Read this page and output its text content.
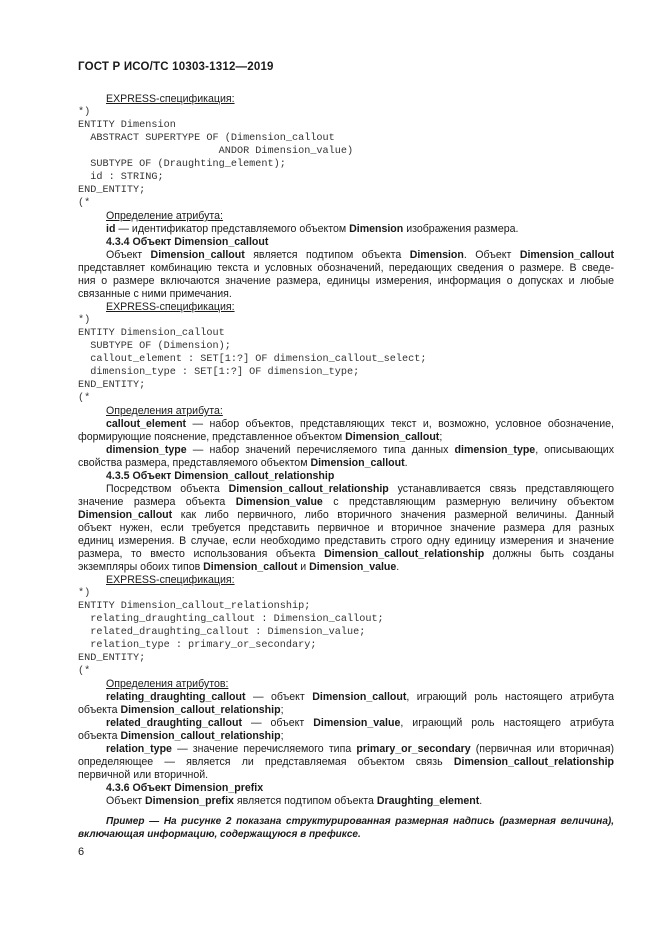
ГОСТ Р ИСО/ТС 10303-1312—2019
EXPRESS-спецификация:
*)
ENTITY Dimension
ABSTRACT SUPERTYPE OF (Dimension_callout
ANDOR Dimension_value)
SUBTYPE OF (Draughting_element);
id : STRING;
END_ENTITY;
(*
Определение атрибута:
id — идентификатор представляемого объектом Dimension изображения размера.
4.3.4 Объект Dimension_callout
Объект Dimension_callout является подтипом объекта Dimension. Объект Dimension_callout
представляет комбинацию текста и условных обозначений, передающих сведения о размере. В сведе-
ния о размере включаются значение размера, единицы измерения, информация о допусках и любые
связанные с ними примечания.
EXPRESS-спецификация:
*)
ENTITY Dimension_callout
SUBTYPE OF (Dimension);
callout_element : SET[1:?] OF dimension_callout_select;
dimension_type : SET[1:?] OF dimension_type;
END_ENTITY;
(*
Определения атрибута:
callout_element — набор объектов, представляющих текст и, возможно, условное обозначение,
формирующие пояснение, представленное объектом Dimension_callout;
dimension_type — набор значений перечисляемого типа данных dimension_type, описывающих
свойства размера, представляемого объектом Dimension_callout.
4.3.5 Объект Dimension_callout_relationship
Посредством объекта Dimension_callout_relationship устанавливается связь представляющего
значение размера объекта Dimension_value с представляющим размерную величину объектом
Dimension_callout как либо первичного, либо вторичного значения размерной величины. Данный
объект нужен, если требуется представить первичное и вторичное значение размера для разных
единиц измерения. В случае, если необходимо представить строго одну единицу измерения и значение
размера, то вместо использования объекта Dimension_callout_relationship должны быть созданы
экземпляры обоих типов Dimension_callout и Dimension_value.
EXPRESS-спецификация:
*)
ENTITY Dimension_callout_relationship;
relating_draughting_callout : Dimension_callout;
related_draughting_callout : Dimension_value;
relation_type : primary_or_secondary;
END_ENTITY;
(*
Определения атрибутов:
relating_draughting_callout — объект Dimension_callout, играющий роль настоящего атрибута
объекта Dimension_callout_relationship;
related_draughting_callout — объект Dimension_value, играющий роль настоящего атрибута
объекта Dimension_callout_relationship;
relation_type — значение перечисляемого типа primary_or_secondary (первичная или вторичная)
определяющее — является ли представляемая объектом связь Dimension_callout_relationship
первичной или вторичной.
4.3.6 Объект Dimension_prefix
Объект Dimension_prefix является подтипом объекта Draughting_element.
Пример — На рисунке 2 показана структурированная размерная надпись (размерная величина),
включающая информацию, содержащуюся в префиксе.
6
